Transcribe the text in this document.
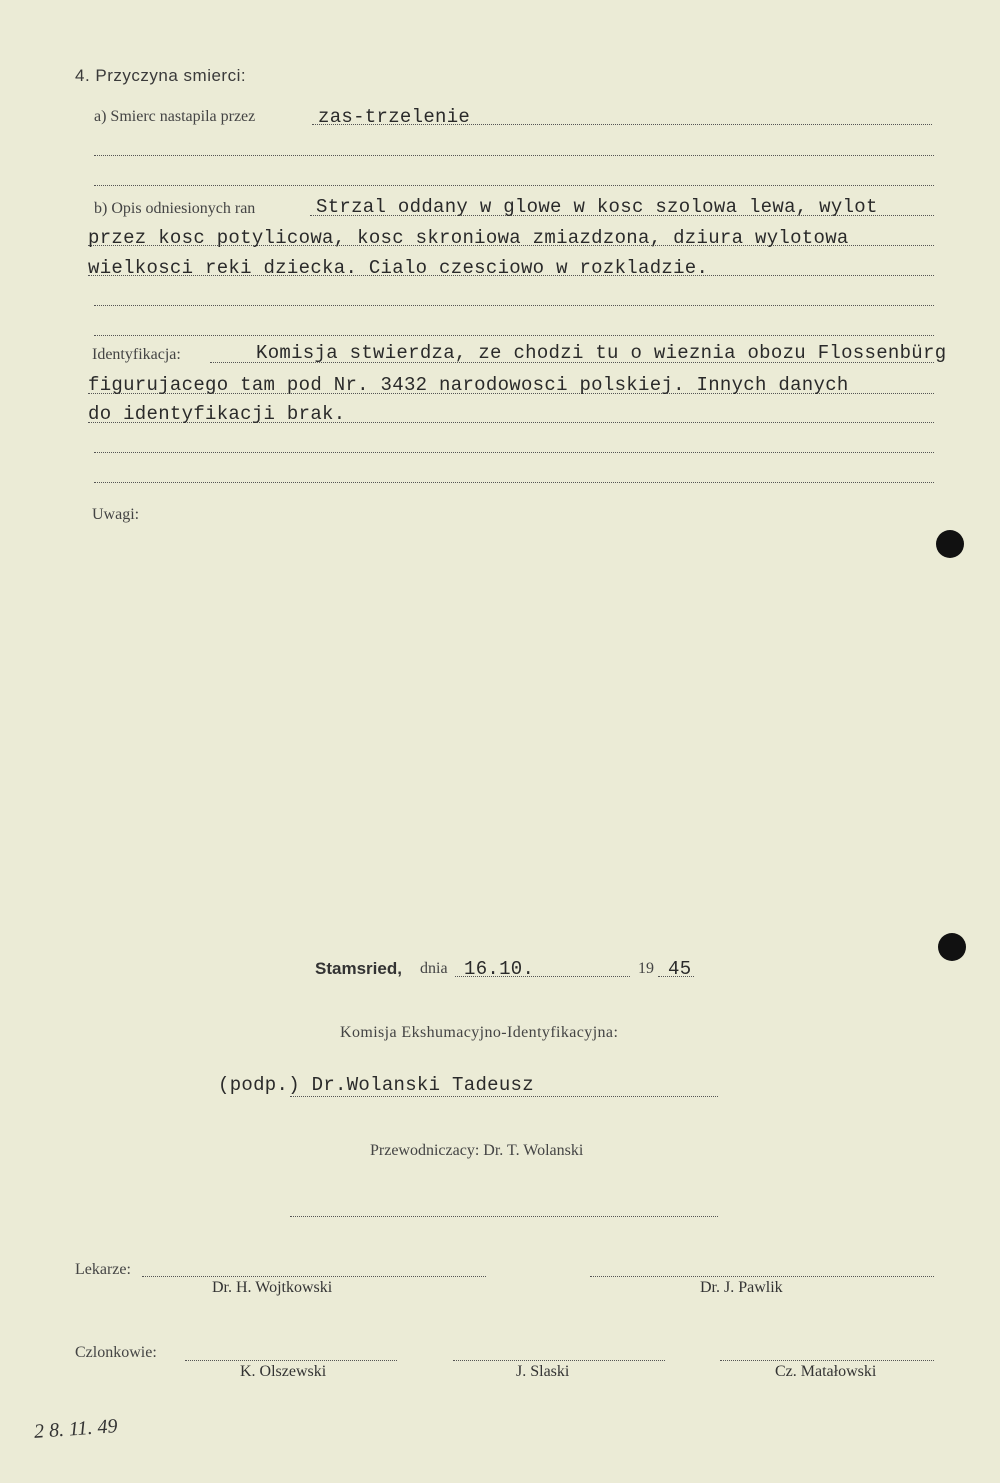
4. Przyczyna smierci:
a) Smierc nastapila przez	zas-trzelenie
b) Opis odniesionych ran	Strzal oddany w glowe w kosc szolowa lewa, wylot
przez kosc potylicowa, kosc skroniowa zmiazdzona, dziura wylotowa
wielkosci reki dziecka. Cialo czesciowo w rozkladzie.
Identyfikacja:	Komisja stwierdza, ze chodzi tu o wieznia obozu Flossenbürg
figurujacego tam pod Nr. 3432 narodowosci polskiej. Innych danych
do identyfikacji brak.
Uwagi:
Stamsried, dnia 16.10.	19 45
Komisja Ekshumacyjno-Identyfikacyjna:
(podp.) Dr.Wolanski Tadeusz
Przewodniczacy: Dr. T. Wolanski
Lekarze:
Dr. H. Wojtkowski	Dr. J. Pawlik
Czlonkowie:
K. Olszewski	J. Slaski	Cz. Matałowski
2 8. 11. 49
